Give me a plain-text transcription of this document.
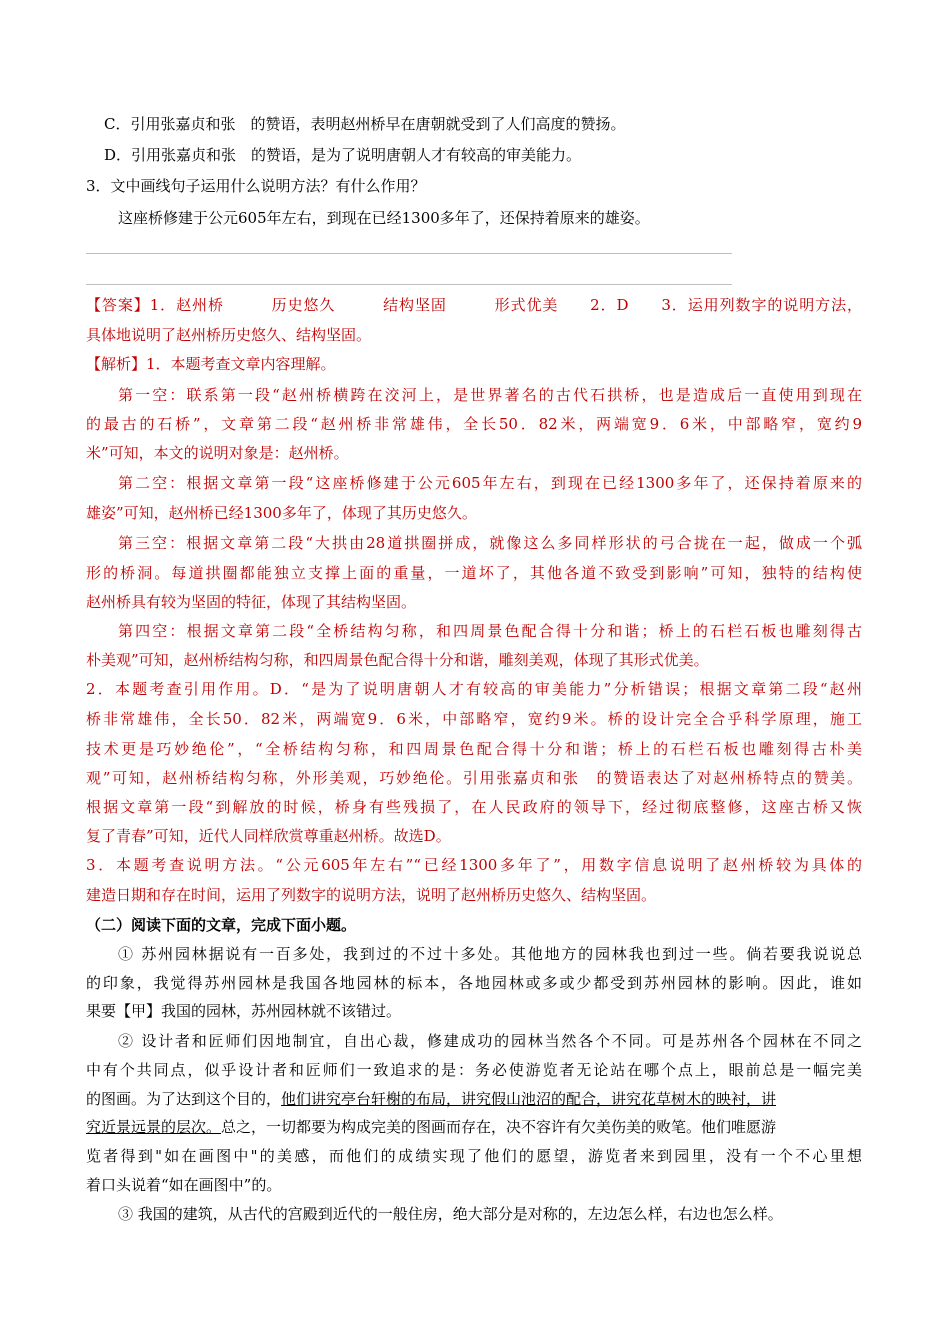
C．引用张嘉贞和张　的赞语，表明赵州桥早在唐朝就受到了人们高度的赞扬。
D．引用张嘉贞和张　的赞语，是为了说明唐朝人才有较高的审美能力。
3．文中画线句子运用什么说明方法？有什么作用？
这座桥修建于公元605年左右，到现在已经1300多年了，还保持着原来的雄姿。
【答案】1．赵州桥　　　历史悠久　　　结构坚固　　　形式优美　　2．D　　3．运用列数字的说明方法，
具体地说明了赵州桥历史悠久、结构坚固。
【解析】1．本题考查文章内容理解。
第一空：联系第一段“赵州桥横跨在洨河上，是世界著名的古代石拱桥，也是造成后一直使用到现在
的最古的石桥”，文章第二段“赵州桥非常雄伟，全长50．82米，两端宽9．6米，中部略窄，宽约9
米”可知，本文的说明对象是：赵州桥。
第二空：根据文章第一段“这座桥修建于公元605年左右，到现在已经1300多年了，还保持着原来的
雄姿”可知，赵州桥已经1300多年了，体现了其历史悠久。
第三空：根据文章第二段“大拱由28道拱圈拼成，就像这么多同样形状的弓合拢在一起，做成一个弧
形的桥洞。每道拱圈都能独立支撑上面的重量，一道坏了，其他各道不致受到影响”可知，独特的结构使
赵州桥具有较为坚固的特征，体现了其结构坚固。
第四空：根据文章第二段“全桥结构匀称，和四周景色配合得十分和谐；桥上的石栏石板也雕刻得古
朴美观”可知，赵州桥结构匀称，和四周景色配合得十分和谐，雕刻美观，体现了其形式优美。
2．本题考查引用作用。D．“是为了说明唐朝人才有较高的审美能力”分析错误；根据文章第二段“赵州
桥非常雄伟，全长50．82米，两端宽9．6米，中部略窄，宽约9米。桥的设计完全合乎科学原理，施工
技术更是巧妙绝伦”，“全桥结构匀称，和四周景色配合得十分和谐；桥上的石栏石板也雕刻得古朴美
观”可知，赵州桥结构匀称，外形美观，巧妙绝伦。引用张嘉贞和张　的赞语表达了对赵州桥特点的赞美。
根据文章第一段“到解放的时候，桥身有些残损了，在人民政府的领导下，经过彻底整修，这座古桥又恢
复了青春”可知，近代人同样欣赏尊重赵州桥。故选D。
3．本题考查说明方法。“公元605年左右”“已经1300多年了”，用数字信息说明了赵州桥较为具体的
建造日期和存在时间，运用了列数字的说明方法，说明了赵州桥历史悠久、结构坚固。
（二）阅读下面的文章，完成下面小题。
① 苏州园林据说有一百多处，我到过的不过十多处。其他地方的园林我也到过一些。倘若要我说说总
的印象，我觉得苏州园林是我国各地园林的标本，各地园林或多或少都受到苏州园林的影响。因此，谁如
果要【甲】我国的园林，苏州园林就不该错过。
② 设计者和匠师们因地制宜，自出心裁，修建成功的园林当然各个不同。可是苏州各个园林在不同之
中有个共同点，似乎设计者和匠师们一致追求的是：务必使游览者无论站在哪个点上，眼前总是一幅完美
的图画。为了达到这个目的，他们讲究亭台轩榭的布局，讲究假山池沼的配合，讲究花草树木的映衬，讲
究近景远景的层次。总之，一切都要为构成完美的图画而存在，决不容许有欠美伤美的败笔。他们唯愿游
览者得到"如在画图中"的美感，而他们的成绩实现了他们的愿望，游览者来到园里，没有一个不心里想
着口头说着“如在画图中”的。
③ 我国的建筑，从古代的宫殿到近代的一般住房，绝大部分是对称的，左边怎么样，右边也怎么样。
